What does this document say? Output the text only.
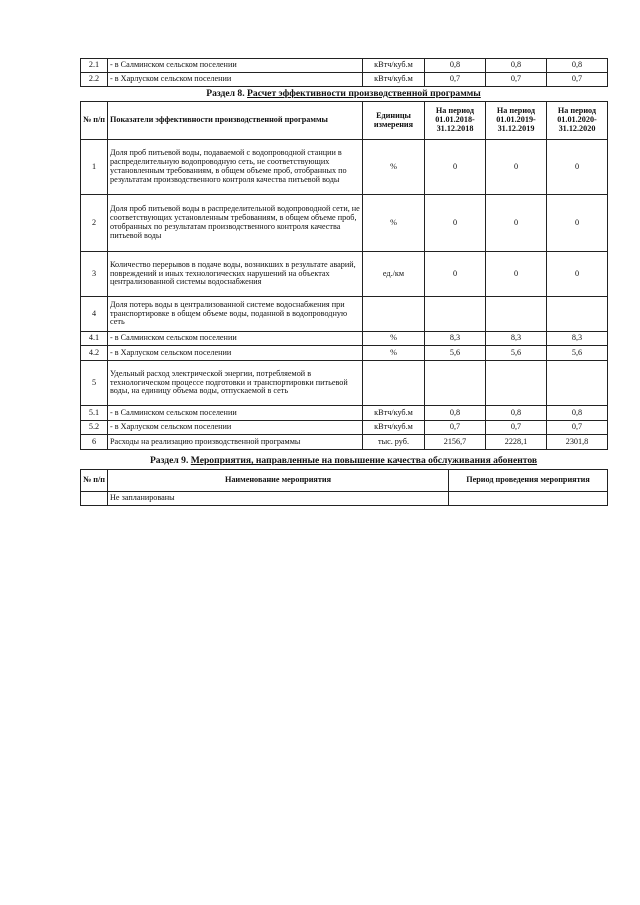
2.1	- в Салминском сельском поселении	кВтч/куб.м	0,8	0,8	0,8
2.2	- в Харлуском сельском поселении	кВтч/куб.м	0,7	0,7	0,7
Раздел 8. Расчет эффективности производственной программы
№ п/п	Показатели эффективности производственной программы	Единицы измерения	На период 01.01.2018-31.12.2018	На период 01.01.2019-31.12.2019	На период 01.01.2020-31.12.2020
1	Доля проб питьевой воды, подаваемой с водопроводной станции в распределительную водопроводную сеть, не соответствующих установленным требованиям, в общем объеме проб, отобранных по результатам производственного контроля качества питьевой воды	%	0	0	0
2	Доля проб питьевой воды в распределительной водопроводной сети, не соответствующих установленным требованиям, в общем объеме проб, отобранных по результатам производственного контроля качества питьевой воды	%	0	0	0
3	Количество перерывов в подаче воды, возникших в результате аварий, повреждений и иных технологических нарушений на объектах централизованной системы водоснабжения	ед./км	0	0	0
4	Доля потерь воды в централизованной системе водоснабжения при транспортировке в общем объеме воды, поданной в водопроводную сеть				
4.1	- в Салминском сельском поселении	%	8,3	8,3	8,3
4.2	- в Харлуском сельском поселении	%	5,6	5,6	5,6
5	Удельный расход электрической энергии, потребляемой в технологическом процессе подготовки и транспортировки питьевой воды, на единицу объема воды, отпускаемой в сеть				
5.1	- в Салминском сельском поселении	кВтч/куб.м	0,8	0,8	0,8
5.2	- в Харлуском сельском поселении	кВтч/куб.м	0,7	0,7	0,7
6	Расходы на реализацию производственной программы	тыс. руб.	2156,7	2228,1	2301,8
Раздел 9. Мероприятия, направленные на повышение качества обслуживания абонентов
№ п/п	Наименование мероприятия	Период проведения мероприятия
	Не запланированы	
